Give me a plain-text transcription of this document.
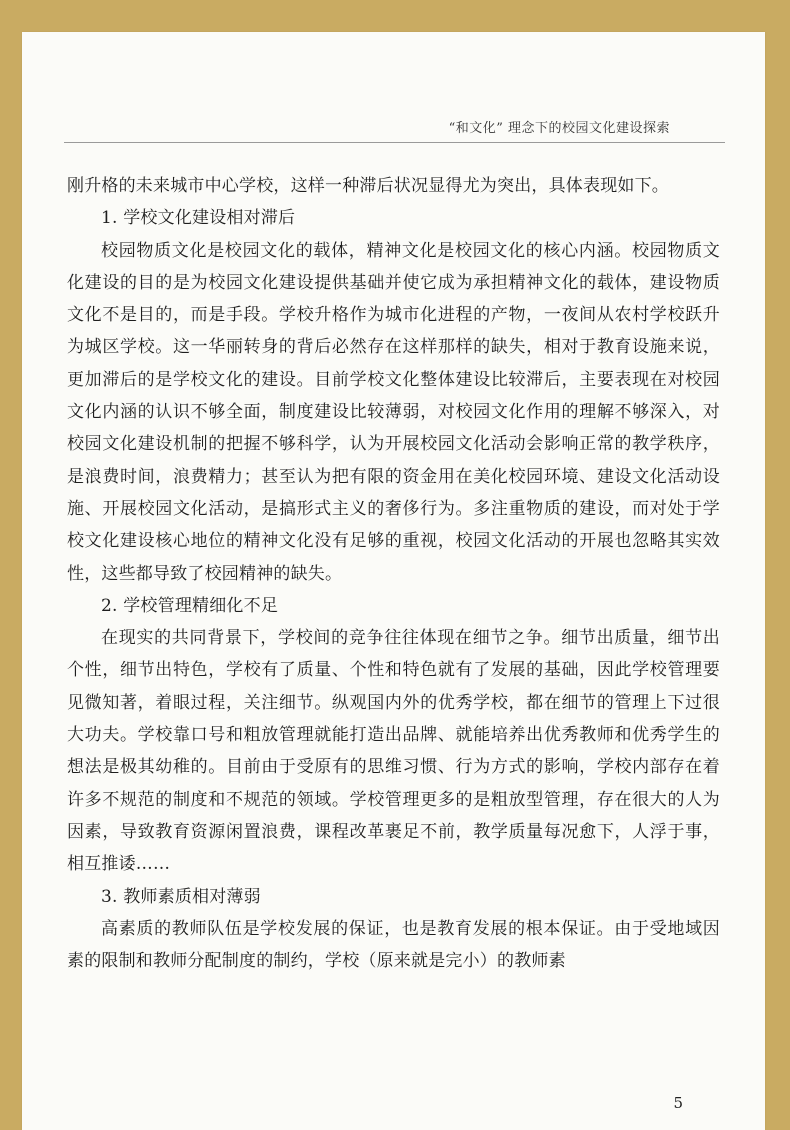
“和文化” 理念下的校园文化建设探索

刚升格的未来城市中心学校，这样一种滞后状况显得尤为突出，具体表现如下。

1. 学校文化建设相对滞后

校园物质文化是校园文化的载体，精神文化是校园文化的核心内涵。校园物质文化建设的目的是为校园文化建设提供基础并使它成为承担精神文化的载体，建设物质文化不是目的，而是手段。学校升格作为城市化进程的产物，一夜间从农村学校跃升为城区学校。这一华丽转身的背后必然存在这样那样的缺失，相对于教育设施来说，更加滞后的是学校文化的建设。目前学校文化整体建设比较滞后，主要表现在对校园文化内涵的认识不够全面，制度建设比较薄弱，对校园文化作用的理解不够深入，对校园文化建设机制的把握不够科学，认为开展校园文化活动会影响正常的教学秩序，是浪费时间，浪费精力；甚至认为把有限的资金用在美化校园环境、建设文化活动设施、开展校园文化活动，是搞形式主义的奢侈行为。多注重物质的建设，而对处于学校文化建设核心地位的精神文化没有足够的重视，校园文化活动的开展也忽略其实效性，这些都导致了校园精神的缺失。

2. 学校管理精细化不足

在现实的共同背景下，学校间的竞争往往体现在细节之争。细节出质量，细节出个性，细节出特色，学校有了质量、个性和特色就有了发展的基础，因此学校管理要见微知著，着眼过程，关注细节。纵观国内外的优秀学校，都在细节的管理上下过很大功夫。学校靠口号和粗放管理就能打造出品牌、就能培养出优秀教师和优秀学生的想法是极其幼稚的。目前由于受原有的思维习惯、行为方式的影响，学校内部存在着许多不规范的制度和不规范的领域。学校管理更多的是粗放型管理，存在很大的人为因素，导致教育资源闲置浪费，课程改革裹足不前，教学质量每况愈下，人浮于事，相互推诿……

3. 教师素质相对薄弱

高素质的教师队伍是学校发展的保证，也是教育发展的根本保证。由于受地域因素的限制和教师分配制度的制约，学校（原来就是完小）的教师素

5
